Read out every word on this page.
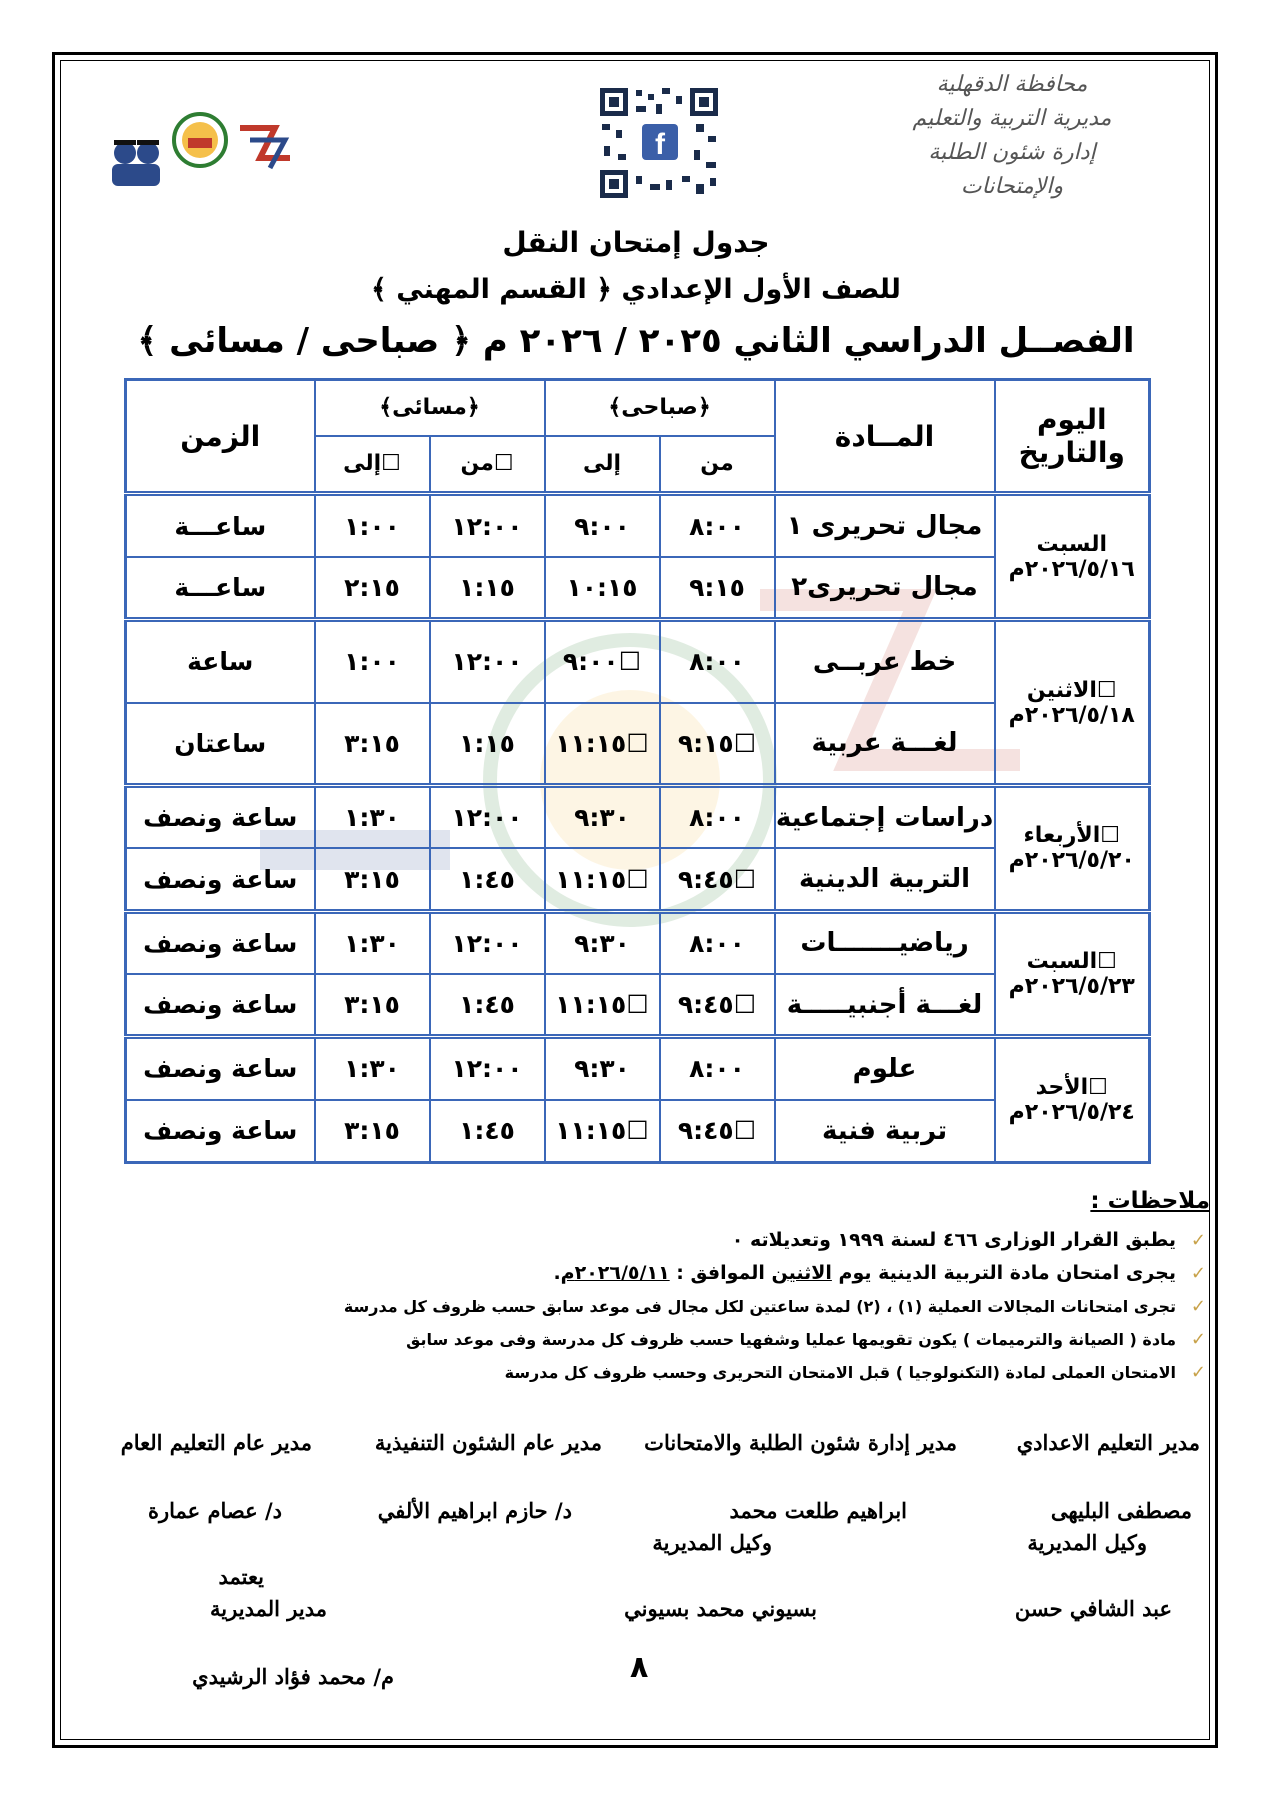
محافظة الدقهلية
مديرية التربية والتعليم
إدارة شئون الطلبة والإمتحانات
f
جدول إمتحان النقل
للصف الأول الإعدادي ﴿ القسم المهني ﴾
الفصــل الدراسي الثاني ٢٠٢٥ / ٢٠٢٦ م ﴿ صباحى / مسائى ﴾
اليوم والتاريخ	المــادة	﴿صباحى﴾		﴿مسائى﴾		الزمن
		من	إلى	☐من	☐إلى	

السبت
٢٠٢٦/٥/١٦م	مجال تحريرى ١	٨:٠٠	٩:٠٠	١٢:٠٠	١:٠٠	ساعـــة
	مجال تحريرى٢	٩:١٥	١٠:١٥	١:١٥	٢:١٥	ساعـــة

☐الاثنين
٢٠٢٦/٥/١٨م	خط عربــى	٨:٠٠	☐٩:٠٠	١٢:٠٠	١:٠٠	ساعة
	لغـــة عربية	☐٩:١٥	☐١١:١٥	١:١٥	٣:١٥	ساعتان

☐الأربعاء
٢٠٢٦/٥/٢٠م	دراسات إجتماعية	٨:٠٠	٩:٣٠	١٢:٠٠	١:٣٠	ساعة ونصف
	التربية الدينية	☐٩:٤٥	☐١١:١٥	١:٤٥	٣:١٥	ساعة ونصف

☐السبت
٢٠٢٦/٥/٢٣م	رياضيـــــــات	٨:٠٠	٩:٣٠	١٢:٠٠	١:٣٠	ساعة ونصف
	لغـــة أجنبيـــــة	☐٩:٤٥	☐١١:١٥	١:٤٥	٣:١٥	ساعة ونصف

☐الأحد
٢٠٢٦/٥/٢٤م	علوم	٨:٠٠	٩:٣٠	١٢:٠٠	١:٣٠	ساعة ونصف
	تربية فنية	☐٩:٤٥	☐١١:١٥	١:٤٥	٣:١٥	ساعة ونصف
ملاحظات :
✓
يطبق القرار الوزارى ٤٦٦ لسنة ١٩٩٩ وتعديلاته ٠
✓
يجرى امتحان مادة التربية الدينية يوم الاثنين الموافق : ٢٠٢٦/٥/١١م.
✓
تجرى امتحانات المجالات العملية (١) ، (٢) لمدة ساعتين لكل مجال فى موعد سابق حسب ظروف كل مدرسة
✓
مادة ( الصيانة والترميمات ) يكون تقويمها عمليا وشفهيا حسب ظروف كل مدرسة وفى موعد سابق
✓
الامتحان العملى لمادة (التكنولوجيا ) قبل الامتحان التحريرى وحسب ظروف كل مدرسة
مدير التعليم الاعدادي
مدير إدارة شئون الطلبة والامتحانات
مدير عام الشئون التنفيذية
مدير عام التعليم العام
مصطفى البليهى
ابراهيم طلعت محمد
د/ حازم ابراهيم الألفي
د/ عصام عمارة
وكيل المديرية
وكيل المديرية
يعتمد
عبد الشافي حسن
بسيوني محمد بسيوني
مدير المديرية
م/ محمد فؤاد الرشيدي	٨
